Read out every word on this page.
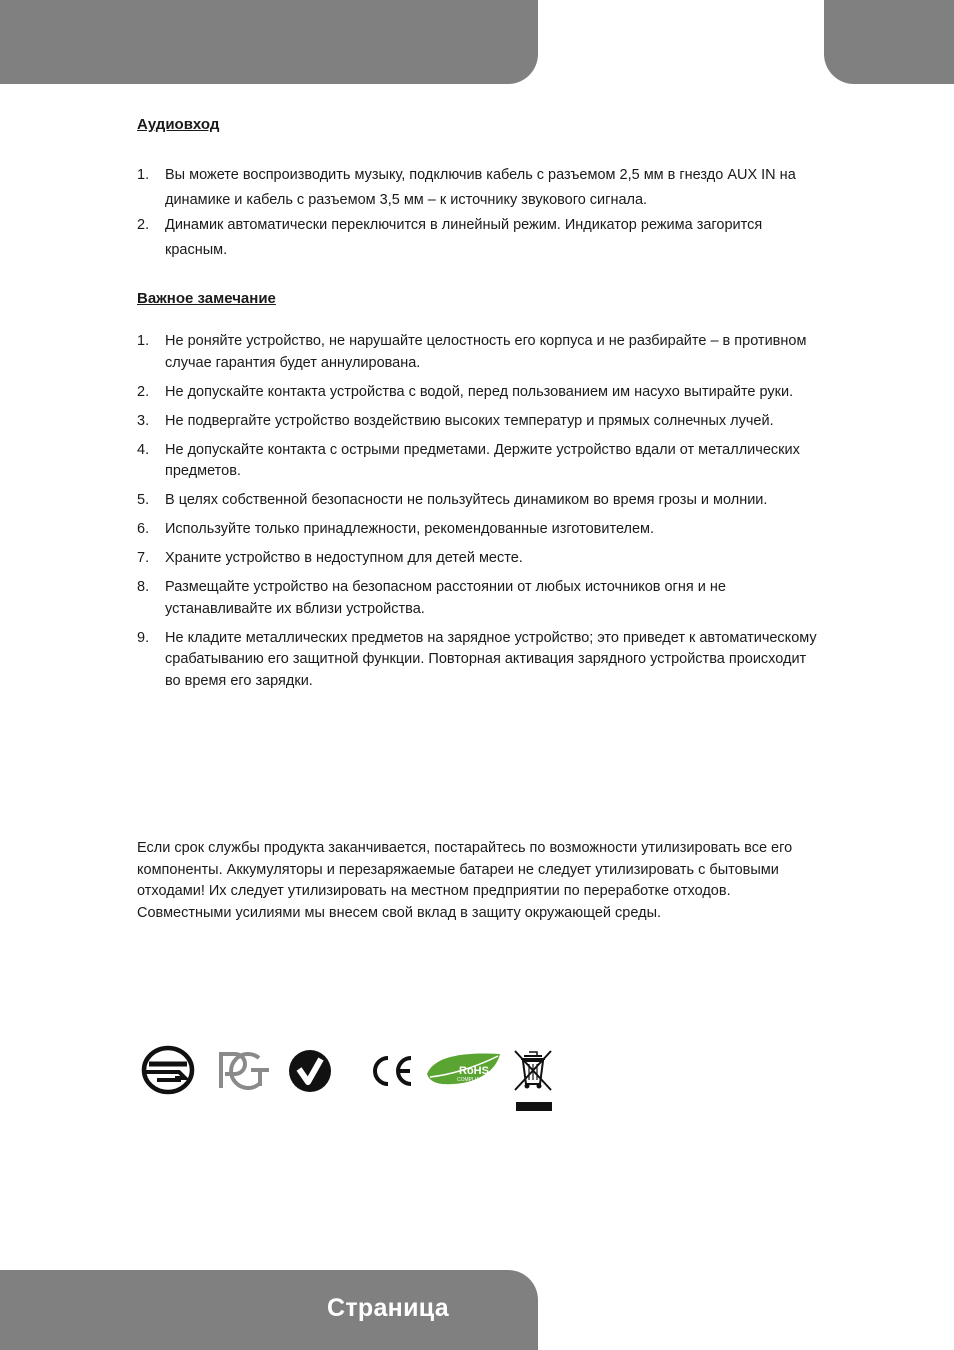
Аудиовход
1. Вы можете воспроизводить музыку, подключив кабель с разъемом 2,5 мм в гнездо AUX IN на динамике и кабель с разъемом 3,5 мм – к источнику звукового сигнала.
2. Динамик автоматически переключится в линейный режим. Индикатор режима загорится красным.
Важное замечание
1. Не роняйте устройство, не нарушайте целостность его корпуса и не разбирайте – в противном случае гарантия будет аннулирована.
2. Не допускайте контакта устройства с водой, перед пользованием им насухо вытирайте руки.
3. Не подвергайте устройство воздействию высоких температур и прямых солнечных лучей.
4. Не допускайте контакта с острыми предметами. Держите устройство вдали от металлических предметов.
5. В целях собственной безопасности не пользуйтесь динамиком во время грозы и молнии.
6. Используйте только принадлежности, рекомендованные изготовителем.
7. Храните устройство в недоступном для детей месте.
8. Размещайте устройство на безопасном расстоянии от любых источников огня и не устанавливайте их вблизи устройства.
9. Не кладите металлических предметов на зарядное устройство; это приведет к автоматическому срабатыванию его защитной функции. Повторная активация зарядного устройства происходит во время его зарядки.

Если срок службы продукта заканчивается, постарайтесь по возможности утилизировать все его компоненты. Аккумуляторы и перезаряжаемые батареи не следует утилизировать с бытовыми отходами! Их следует утилизировать на местном предприятии по переработке отходов. Совместными усилиями мы внесем свой вклад в защиту окружающей среды.

RoHS
COMPLIANT
Страница
